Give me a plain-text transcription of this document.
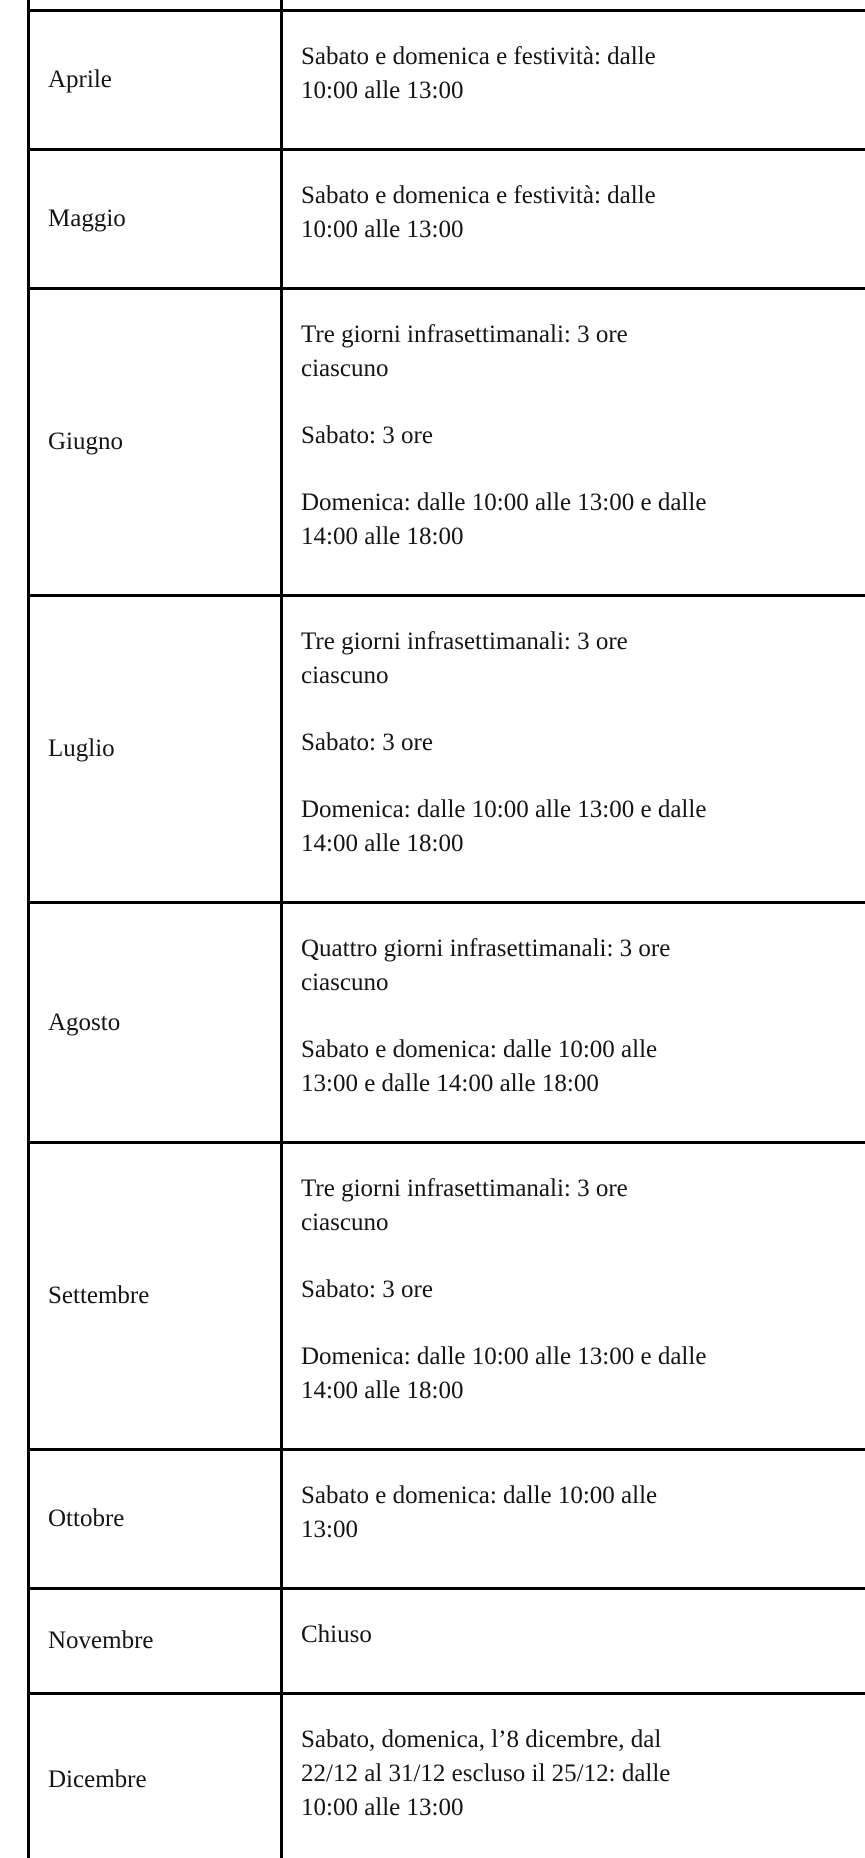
Aprile	Sabato e domenica e festività: dalle
10:00 alle 13:00

Maggio	Sabato e domenica e festività: dalle
10:00 alle 13:00

Giugno	Tre giorni infrasettimanali: 3 ore
ciascuno

Sabato: 3 ore

Domenica: dalle 10:00 alle 13:00 e dalle
14:00 alle 18:00

Luglio	Tre giorni infrasettimanali: 3 ore
ciascuno

Sabato: 3 ore

Domenica: dalle 10:00 alle 13:00 e dalle
14:00 alle 18:00

Agosto	Quattro giorni infrasettimanali: 3 ore
ciascuno

Sabato e domenica: dalle 10:00 alle
13:00 e dalle 14:00 alle 18:00

Settembre	Tre giorni infrasettimanali: 3 ore
ciascuno

Sabato: 3 ore

Domenica: dalle 10:00 alle 13:00 e dalle
14:00 alle 18:00

Ottobre	Sabato e domenica: dalle 10:00 alle
13:00

Novembre	Chiuso

Dicembre	Sabato, domenica, l’8 dicembre, dal
22/12 al 31/12 escluso il 25/12: dalle
10:00 alle 13:00
